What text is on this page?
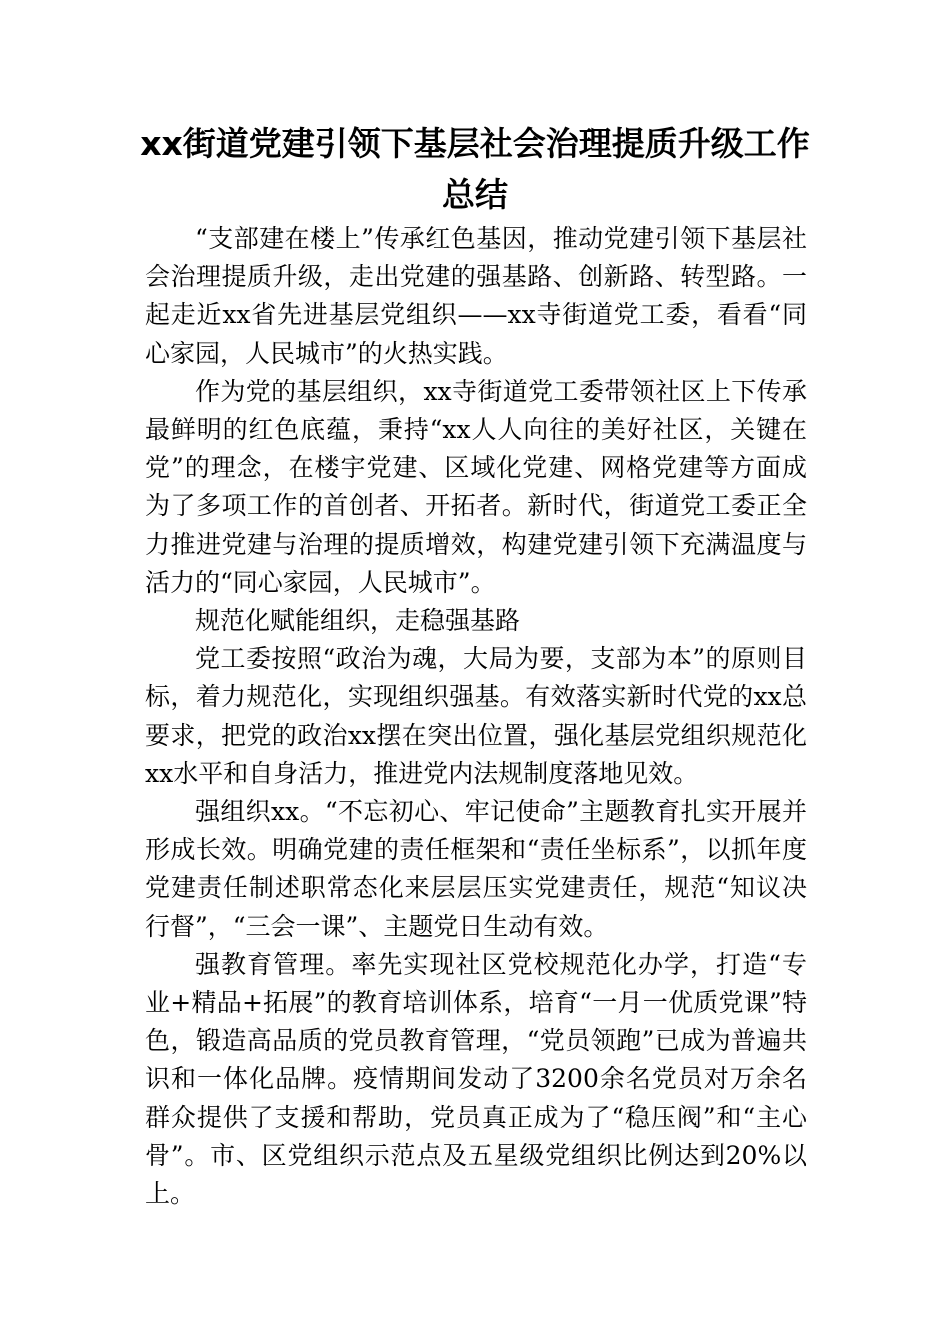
xx街道党建引领下基层社会治理提质升级工作总结

“支部建在楼上”传承红色基因，推动党建引领下基层社会治理提质升级，走出党建的强基路、创新路、转型路。一起走近xx省先进基层党组织——xx寺街道党工委，看看“同心家园，人民城市”的火热实践。

作为党的基层组织，xx寺街道党工委带领社区上下传承最鲜明的红色底蕴，秉持“xx人人向往的美好社区，关键在党”的理念，在楼宇党建、区域化党建、网格党建等方面成为了多项工作的首创者、开拓者。新时代，街道党工委正全力推进党建与治理的提质增效，构建党建引领下充满温度与活力的“同心家园，人民城市”。

规范化赋能组织，走稳强基路

党工委按照“政治为魂，大局为要，支部为本”的原则目标，着力规范化，实现组织强基。有效落实新时代党的xx总要求，把党的政治xx摆在突出位置，强化基层党组织规范化xx水平和自身活力，推进党内法规制度落地见效。

强组织xx。“不忘初心、牢记使命”主题教育扎实开展并形成长效。明确党建的责任框架和“责任坐标系”，以抓年度党建责任制述职常态化来层层压实党建责任，规范“知议决行督”，“三会一课”、主题党日生动有效。

强教育管理。率先实现社区党校规范化办学，打造“专业+精品+拓展”的教育培训体系，培育“一月一优质党课”特色，锻造高品质的党员教育管理，“党员领跑”已成为普遍共识和一体化品牌。疫情期间发动了3200余名党员对万余名群众提供了支援和帮助，党员真正成为了“稳压阀”和“主心骨”。市、区党组织示范点及五星级党组织比例达到20%以上。
